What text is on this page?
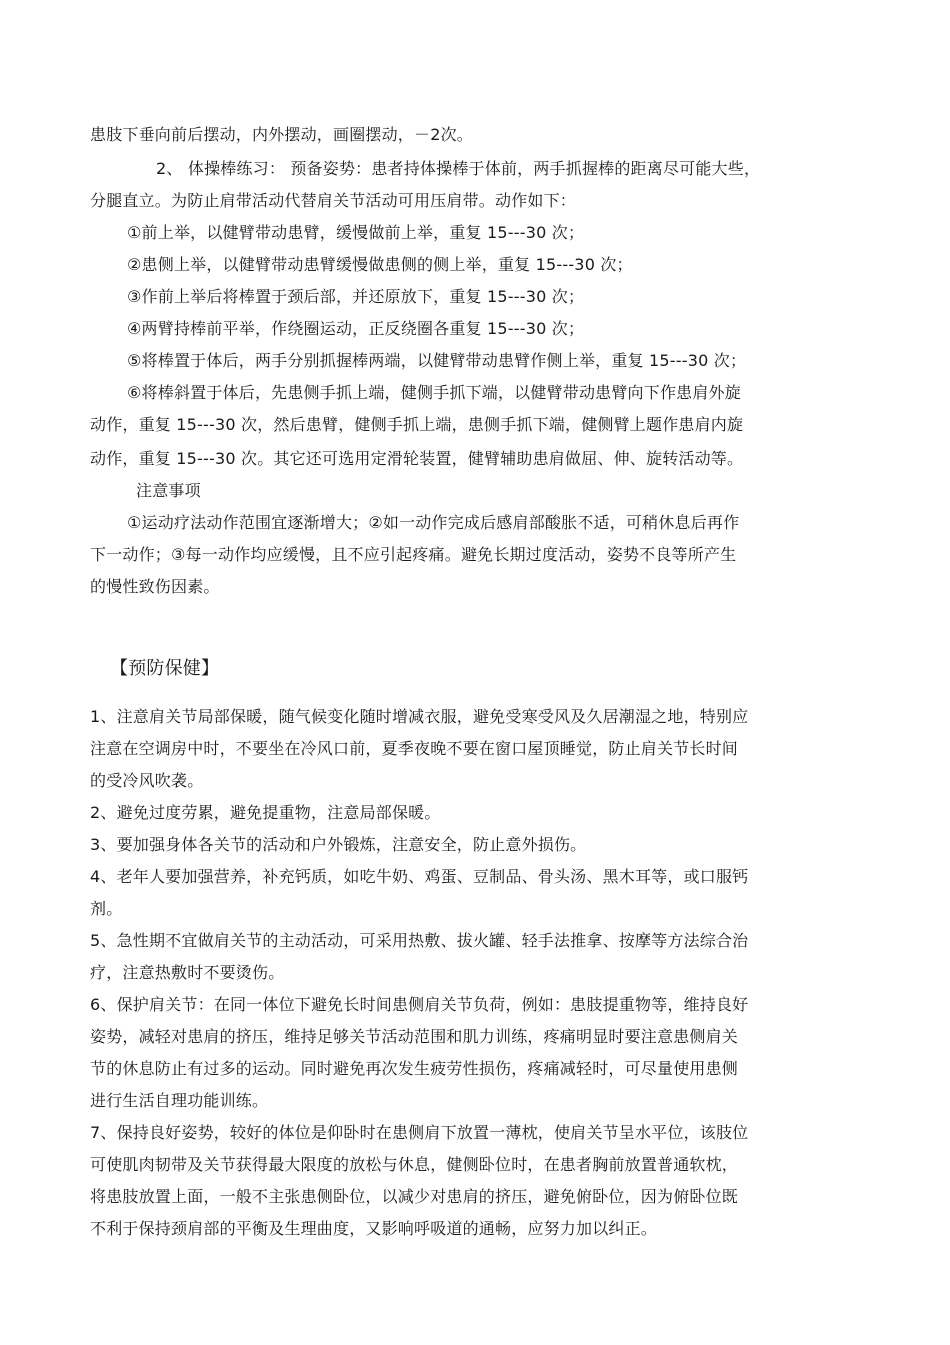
患肢下垂向前后摆动，内外摆动，画圈摆动，－2次。
2、 体操棒练习： 预备姿势：患者持体操棒于体前，两手抓握棒的距离尽可能大些，
分腿直立。为防止肩带活动代替肩关节活动可用压肩带。动作如下：
①前上举，以健臂带动患臂，缓慢做前上举，重复 15---30 次；
②患侧上举，以健臂带动患臂缓慢做患侧的侧上举，重复 15---30 次；
③作前上举后将棒置于颈后部，并还原放下，重复 15---30 次；
④两臂持棒前平举，作绕圈运动，正反绕圈各重复 15---30 次；
⑤将棒置于体后，两手分别抓握棒两端，以健臂带动患臂作侧上举，重复 15---30 次；
⑥将棒斜置于体后，先患侧手抓上端，健侧手抓下端，以健臂带动患臂向下作患肩外旋
动作，重复 15---30 次，然后患臂，健侧手抓上端，患侧手抓下端，健侧臂上题作患肩内旋
动作，重复 15---30 次。其它还可选用定滑轮装置，健臂辅助患肩做屈、伸、旋转活动等。
注意事项
①运动疗法动作范围宜逐渐增大；②如一动作完成后感肩部酸胀不适，可稍休息后再作
下一动作；③每一动作均应缓慢，且不应引起疼痛。避免长期过度活动，姿势不良等所产生
的慢性致伤因素。
【预防保健】
1、注意肩关节局部保暖，随气候变化随时增减衣服，避免受寒受风及久居潮湿之地，特别应
注意在空调房中时，不要坐在冷风口前，夏季夜晚不要在窗口屋顶睡觉，防止肩关节长时间
的受冷风吹袭。
2、避免过度劳累，避免提重物，注意局部保暖。
3、要加强身体各关节的活动和户外锻炼，注意安全，防止意外损伤。
4、老年人要加强营养，补充钙质，如吃牛奶、鸡蛋、豆制品、骨头汤、黑木耳等，或口服钙
剂。
5、急性期不宜做肩关节的主动活动，可采用热敷、拔火罐、轻手法推拿、按摩等方法综合治
疗，注意热敷时不要烫伤。
6、保护肩关节：在同一体位下避免长时间患侧肩关节负荷，例如：患肢提重物等，维持良好
姿势，减轻对患肩的挤压，维持足够关节活动范围和肌力训练，疼痛明显时要注意患侧肩关
节的休息防止有过多的运动。同时避免再次发生疲劳性损伤，疼痛减轻时，可尽量使用患侧
进行生活自理功能训练。
7、保持良好姿势，较好的体位是仰卧时在患侧肩下放置一薄枕，使肩关节呈水平位，该肢位
可使肌肉韧带及关节获得最大限度的放松与休息，健侧卧位时，在患者胸前放置普通软枕，
将患肢放置上面，一般不主张患侧卧位，以减少对患肩的挤压，避免俯卧位，因为俯卧位既
不利于保持颈肩部的平衡及生理曲度，又影响呼吸道的通畅，应努力加以纠正。
